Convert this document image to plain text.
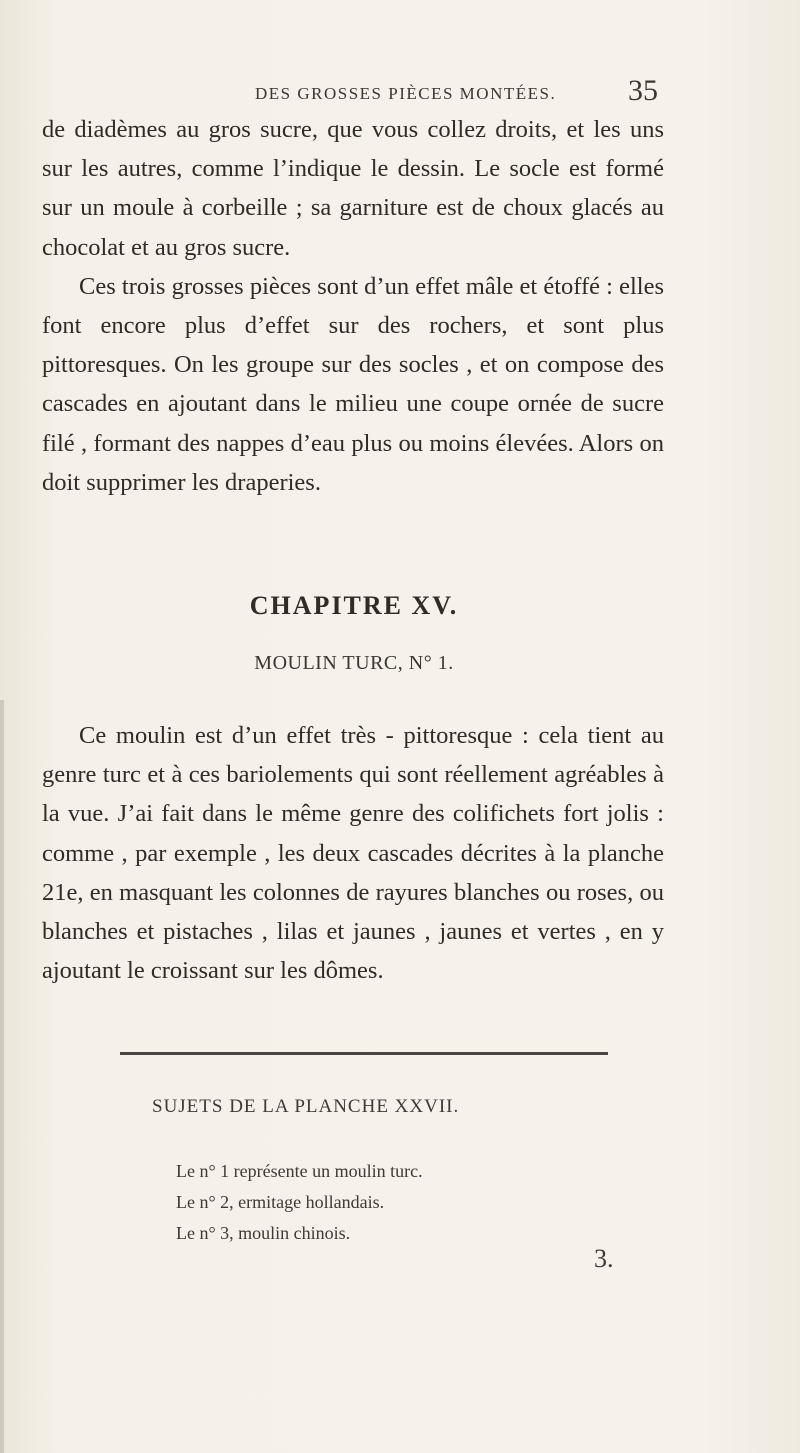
DES GROSSES PIÈCES MONTÉES.	35

de diadèmes au gros sucre, que vous collez droits, et les uns sur les autres, comme l’indique le dessin. Le socle est formé sur un moule à corbeille ; sa garniture est de choux glacés au chocolat et au gros sucre.

Ces trois grosses pièces sont d’un effet mâle et étoffé : elles font encore plus d’effet sur des rochers, et sont plus pittoresques. On les groupe sur des socles , et on compose des cascades en ajoutant dans le milieu une coupe ornée de sucre filé , formant des nappes d’eau plus ou moins élevées. Alors on doit supprimer les draperies.

CHAPITRE XV.
MOULIN TURC, N° 1.

Ce moulin est d’un effet très - pittoresque : cela tient au genre turc et à ces bariolements qui sont réellement agréables à la vue. J’ai fait dans le même genre des colifichets fort jolis : comme , par exemple , les deux cascades décrites à la planche 21e, en masquant les colonnes de rayures blanches ou roses, ou blanches et pistaches , lilas et jaunes , jaunes et vertes , en y ajoutant le croissant sur les dômes.

SUJETS DE LA PLANCHE XXVII.
Le n° 1 représente un moulin turc.
Le n° 2, ermitage hollandais.
Le n° 3, moulin chinois.
3.
